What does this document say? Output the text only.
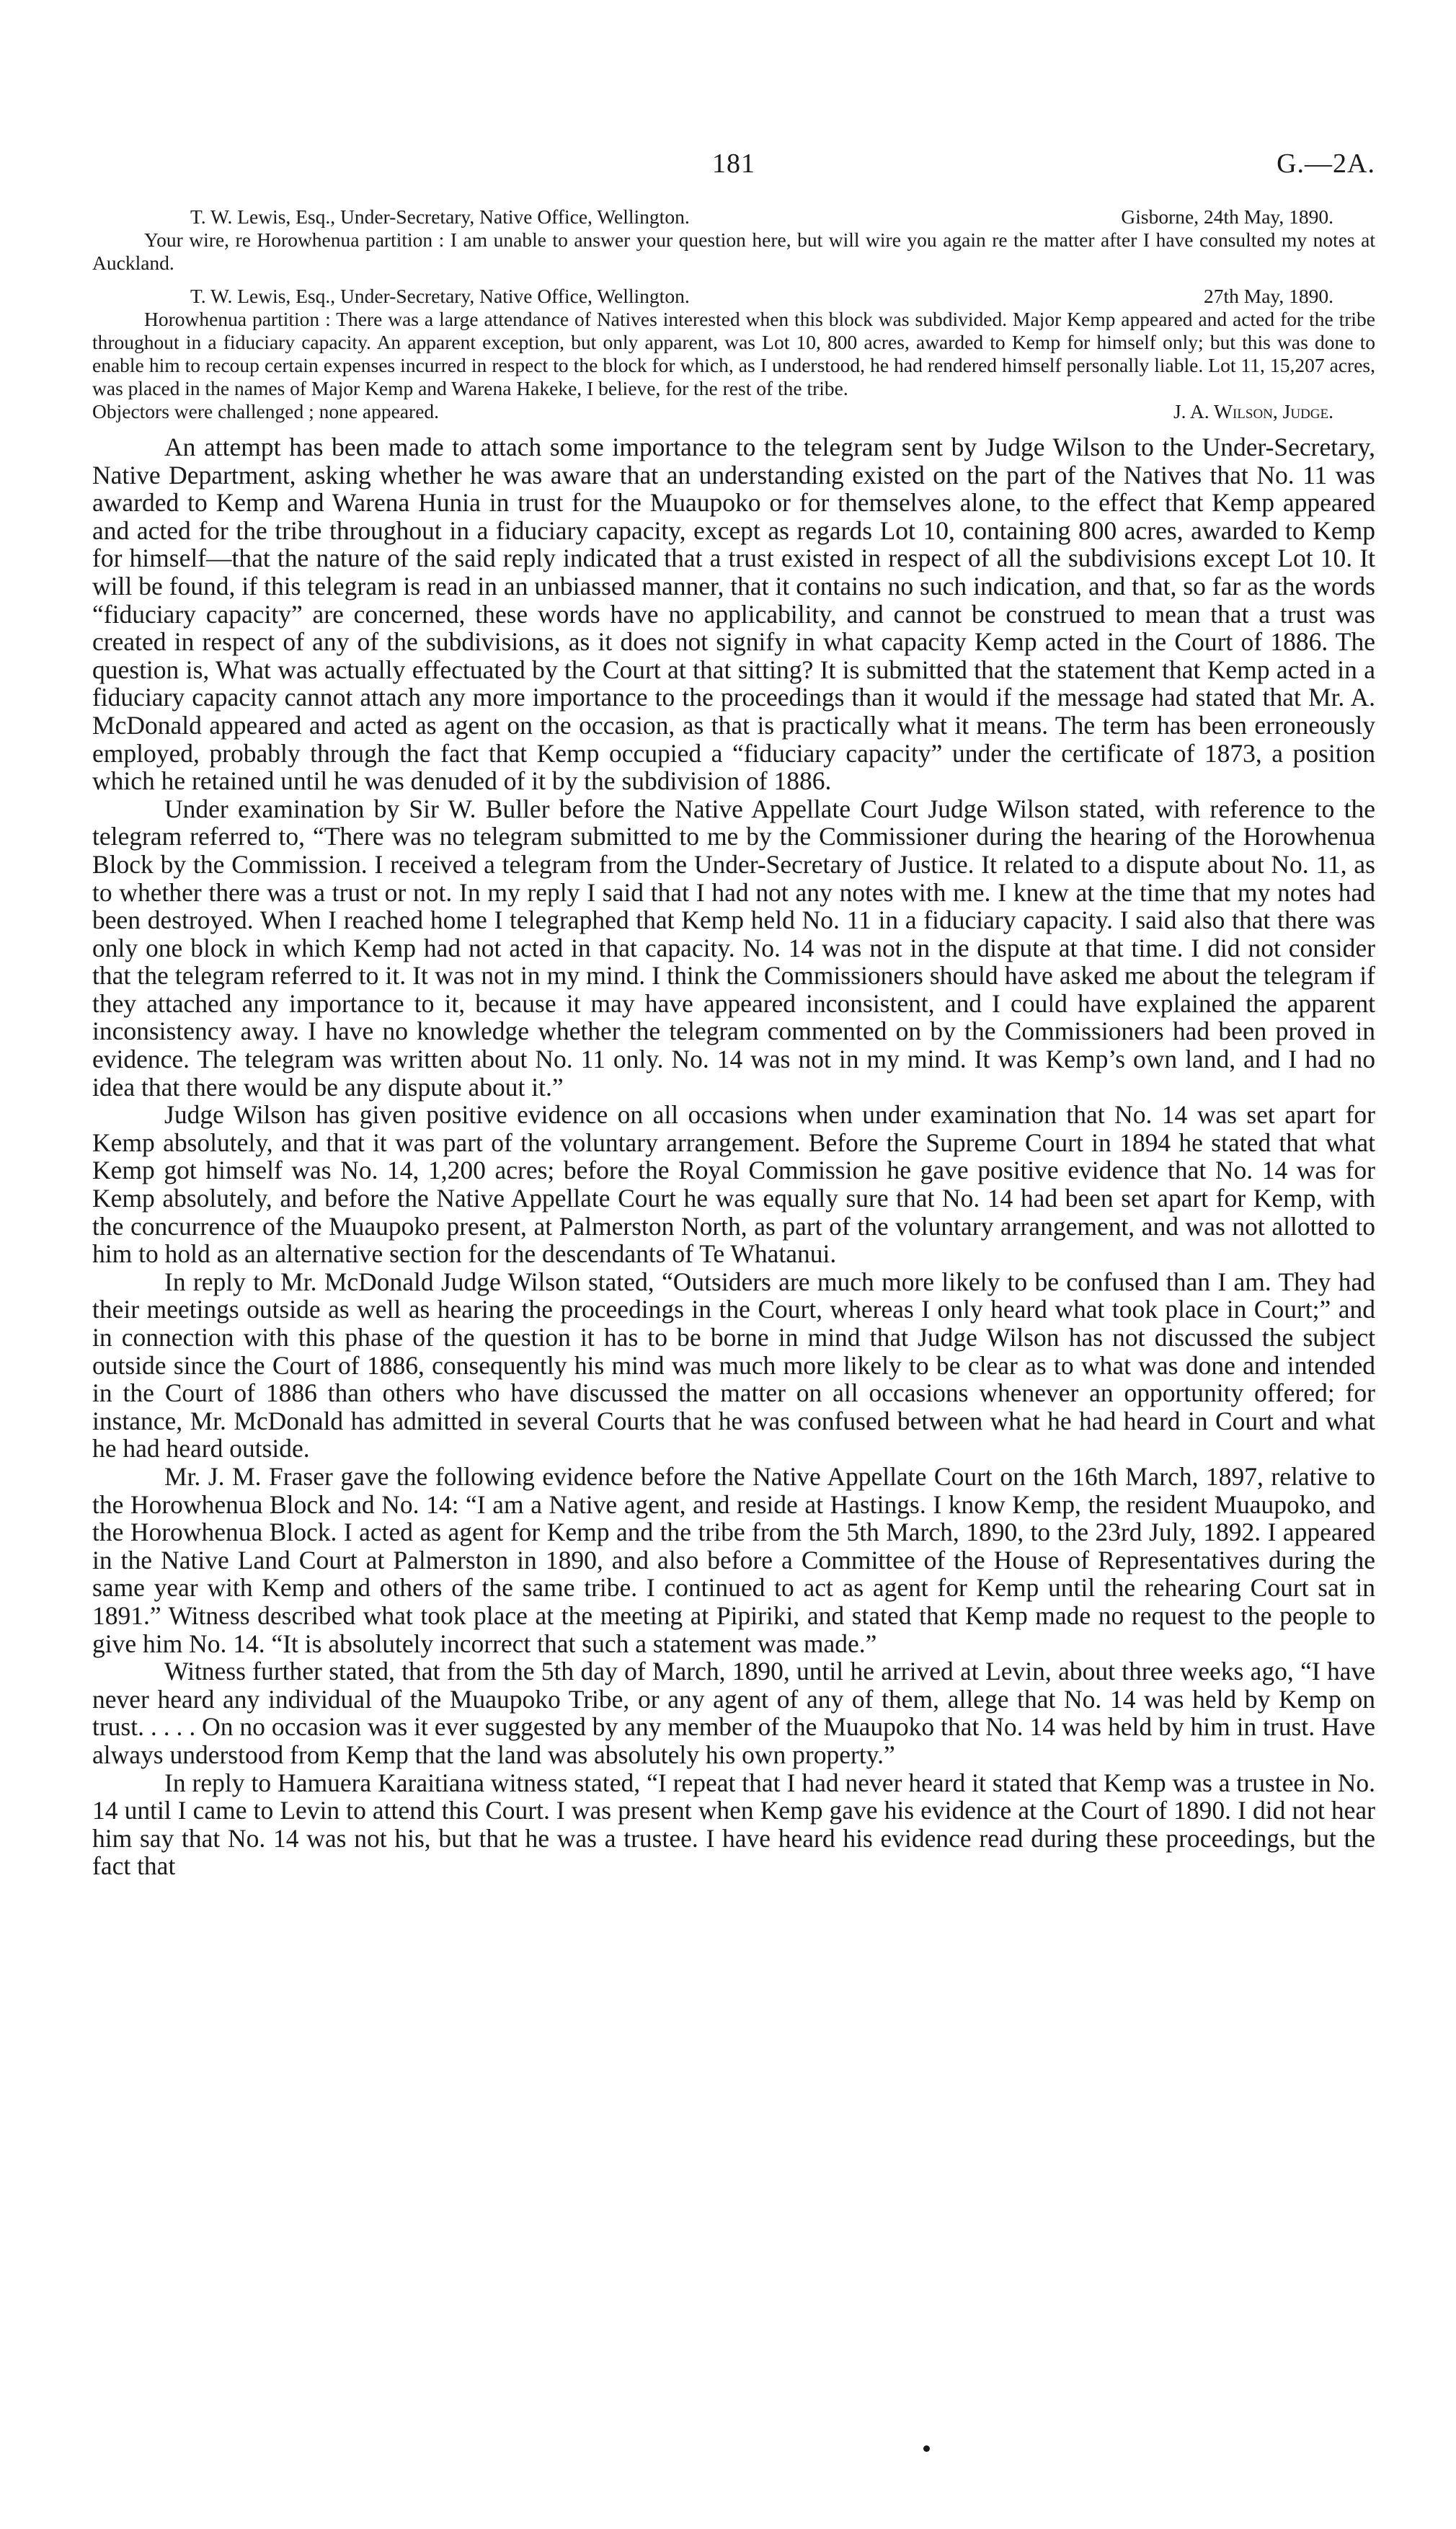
181	G.—2A.
T. W. Lewis, Esq., Under-Secretary, Native Office, Wellington.	Gisborne, 24th May, 1890.
Your wire, re Horowhenua partition : I am unable to answer your question here, but will wire you again re the matter after I have consulted my notes at Auckland.
T. W. Lewis, Esq., Under-Secretary, Native Office, Wellington.	27th May, 1890.
Horowhenua partition : There was a large attendance of Natives interested when this block was subdivided. Major Kemp appeared and acted for the tribe throughout in a fiduciary capacity. An apparent exception, but only apparent, was Lot 10, 800 acres, awarded to Kemp for himself only; but this was done to enable him to recoup certain expenses incurred in respect to the block for which, as I understood, he had rendered himself personally liable. Lot 11, 15,207 acres, was placed in the names of Major Kemp and Warena Hakeke, I believe, for the rest of the tribe.
Objectors were challenged ; none appeared.	J. A. Wilson, Judge.

An attempt has been made to attach some importance to the telegram sent by Judge Wilson to the Under-Secretary, Native Department, asking whether he was aware that an understanding existed on the part of the Natives that No. 11 was awarded to Kemp and Warena Hunia in trust for the Muaupoko or for themselves alone, to the effect that Kemp appeared and acted for the tribe throughout in a fiduciary capacity, except as regards Lot 10, containing 800 acres, awarded to Kemp for himself—that the nature of the said reply indicated that a trust existed in respect of all the subdivisions except Lot 10. It will be found, if this telegram is read in an unbiassed manner, that it contains no such indication, and that, so far as the words “fiduciary capacity” are concerned, these words have no applicability, and cannot be construed to mean that a trust was created in respect of any of the subdivisions, as it does not signify in what capacity Kemp acted in the Court of 1886. The question is, What was actually effectuated by the Court at that sitting? It is submitted that the statement that Kemp acted in a fiduciary capacity cannot attach any more importance to the proceedings than it would if the message had stated that Mr. A. McDonald appeared and acted as agent on the occasion, as that is practically what it means. The term has been erroneously employed, probably through the fact that Kemp occupied a “fiduciary capacity” under the certificate of 1873, a position which he retained until he was denuded of it by the subdivision of 1886.

Under examination by Sir W. Buller before the Native Appellate Court Judge Wilson stated, with reference to the telegram referred to, “There was no telegram submitted to me by the Commissioner during the hearing of the Horowhenua Block by the Commission. I received a telegram from the Under-Secretary of Justice. It related to a dispute about No. 11, as to whether there was a trust or not. In my reply I said that I had not any notes with me. I knew at the time that my notes had been destroyed. When I reached home I telegraphed that Kemp held No. 11 in a fiduciary capacity. I said also that there was only one block in which Kemp had not acted in that capacity. No. 14 was not in the dispute at that time. I did not consider that the telegram referred to it. It was not in my mind. I think the Commissioners should have asked me about the telegram if they attached any importance to it, because it may have appeared inconsistent, and I could have explained the apparent inconsistency away. I have no knowledge whether the telegram commented on by the Commissioners had been proved in evidence. The telegram was written about No. 11 only. No. 14 was not in my mind. It was Kemp’s own land, and I had no idea that there would be any dispute about it.”

Judge Wilson has given positive evidence on all occasions when under examination that No. 14 was set apart for Kemp absolutely, and that it was part of the voluntary arrangement. Before the Supreme Court in 1894 he stated that what Kemp got himself was No. 14, 1,200 acres; before the Royal Commission he gave positive evidence that No. 14 was for Kemp absolutely, and before the Native Appellate Court he was equally sure that No. 14 had been set apart for Kemp, with the concurrence of the Muaupoko present, at Palmerston North, as part of the voluntary arrangement, and was not allotted to him to hold as an alternative section for the descendants of Te Whatanui.

In reply to Mr. McDonald Judge Wilson stated, “Outsiders are much more likely to be confused than I am. They had their meetings outside as well as hearing the proceedings in the Court, whereas I only heard what took place in Court;” and in connection with this phase of the question it has to be borne in mind that Judge Wilson has not discussed the subject outside since the Court of 1886, consequently his mind was much more likely to be clear as to what was done and intended in the Court of 1886 than others who have discussed the matter on all occasions whenever an opportunity offered; for instance, Mr. McDonald has admitted in several Courts that he was confused between what he had heard in Court and what he had heard outside.

Mr. J. M. Fraser gave the following evidence before the Native Appellate Court on the 16th March, 1897, relative to the Horowhenua Block and No. 14: “I am a Native agent, and reside at Hastings. I know Kemp, the resident Muaupoko, and the Horowhenua Block. I acted as agent for Kemp and the tribe from the 5th March, 1890, to the 23rd July, 1892. I appeared in the Native Land Court at Palmerston in 1890, and also before a Committee of the House of Representatives during the same year with Kemp and others of the same tribe. I continued to act as agent for Kemp until the rehearing Court sat in 1891.” Witness described what took place at the meeting at Pipiriki, and stated that Kemp made no request to the people to give him No. 14. “It is absolutely incorrect that such a statement was made.”

Witness further stated, that from the 5th day of March, 1890, until he arrived at Levin, about three weeks ago, “I have never heard any individual of the Muaupoko Tribe, or any agent of any of them, allege that No. 14 was held by Kemp on trust. . . . . On no occasion was it ever suggested by any member of the Muaupoko that No. 14 was held by him in trust. Have always understood from Kemp that the land was absolutely his own property.”

In reply to Hamuera Karaitiana witness stated, “I repeat that I had never heard it stated that Kemp was a trustee in No. 14 until I came to Levin to attend this Court. I was present when Kemp gave his evidence at the Court of 1890. I did not hear him say that No. 14 was not his, but that he was a trustee. I have heard his evidence read during these proceedings, but the fact that
